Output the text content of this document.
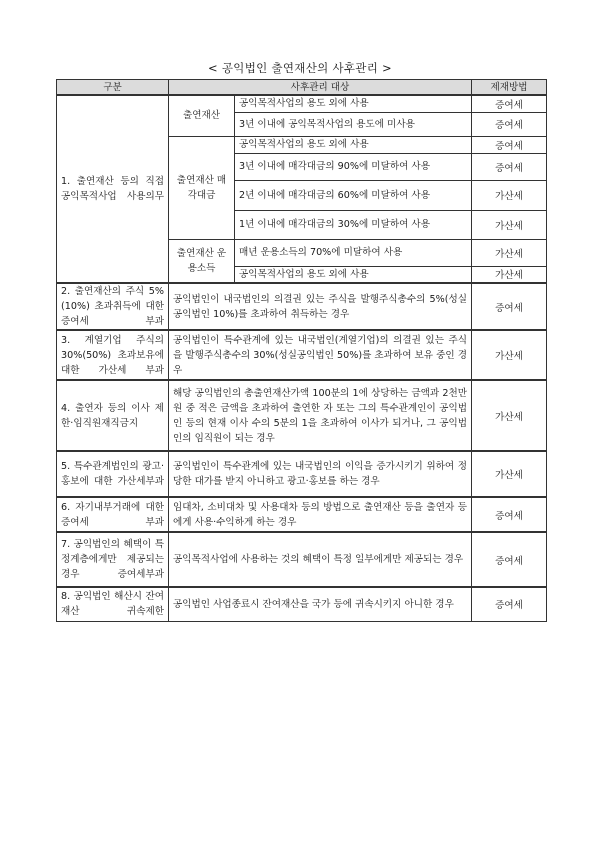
< 공익법인 출연재산의 사후관리 >
구분	사후관리 대상		제재방법
1. 출연재산 등의 직접 공익목적사업 사용의무	출연재산	공익목적사업의 용도 외에 사용	증여세
		3년 이내에 공익목적사업의 용도에 미사용	증여세
	출연재산 매각대금	공익목적사업의 용도 외에 사용	증여세
		3년 이내에 매각대금의 90%에 미달하여 사용	증여세
		2년 이내에 매각대금의 60%에 미달하여 사용	가산세
		1년 이내에 매각대금의 30%에 미달하여 사용	가산세
	출연재산 운용소득	매년 운용소득의 70%에 미달하여 사용	가산세
		공익목적사업의 용도 외에 사용	가산세
2. 출연재산의 주식 5%(10%) 초과취득에 대한 증여세 부과	공익법인이 내국법인의 의결권 있는 주식을 발행주식총수의 5%(성실공익법인 10%)를 초과하여 취득하는 경우		증여세
3. 계열기업 주식의 30%(50%) 초과보유에 대한 가산세 부과	공익법인이 특수관계에 있는 내국법인(계열기업)의 의결권 있는 주식을 발행주식총수의 30%(성실공익법인 50%)를 초과하여 보유 중인 경우		가산세
4. 출연자 등의 이사 제한·임직원재직금지	해당 공익법인의 총출연재산가액 100분의 1에 상당하는 금액과 2천만원 중 적은 금액을 초과하여 출연한 자 또는 그의 특수관계인이 공익법인 등의 현재 이사 수의 5분의 1을 초과하여 이사가 되거나, 그 공익법인의 임직원이 되는 경우		가산세
5. 특수관계법인의 광고·홍보에 대한 가산세부과	공익법인이 특수관계에 있는 내국법인의 이익을 증가시키기 위하여 정당한 대가를 받지 아니하고 광고·홍보를 하는 경우		가산세
6. 자기내부거래에 대한 증여세 부과	임대차, 소비대차 및 사용대차 등의 방법으로 출연재산 등을 출연자 등에게 사용·수익하게 하는 경우		증여세
7. 공익법인의 혜택이 특정계층에게만 제공되는 경우 증여세부과	공익목적사업에 사용하는 것의 혜택이 특정 일부에게만 제공되는 경우		증여세
8. 공익법인 해산시 잔여재산 귀속제한	공익법인 사업종료시 잔여재산을 국가 등에 귀속시키지 아니한 경우		증여세
